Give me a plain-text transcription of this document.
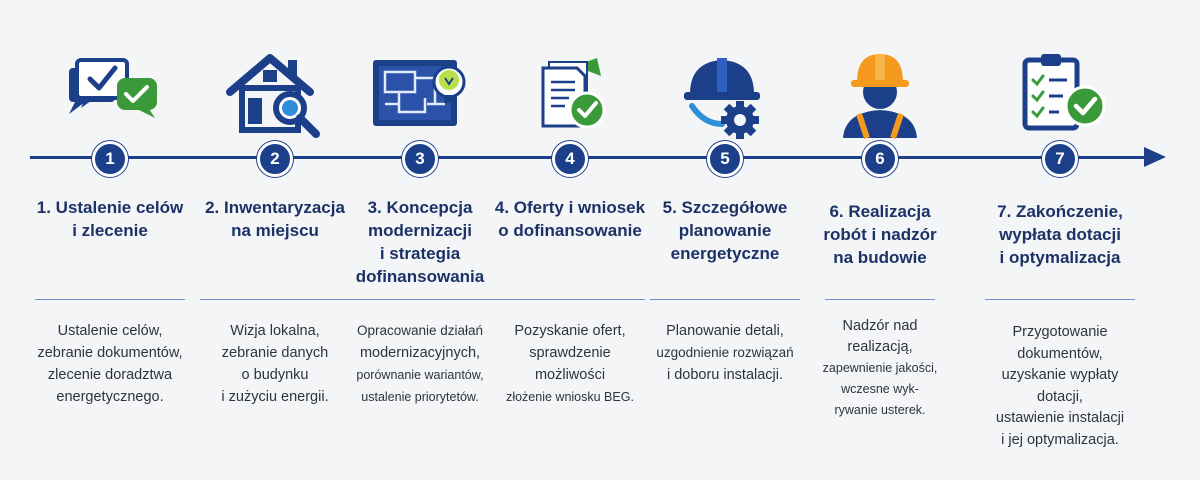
1
1. Ustalenie celów
i zlecenie
Ustalenie celów,
zebranie dokumentów,
zlecenie doradztwa
energetycznego.
2
2. Inwentaryzacja
na miejscu
Wizja lokalna,
zebranie danych
o budynku
i zużyciu energii.
3
3. Koncepcja
modernizacji
i strategia
dofinansowania
Opracowanie działań
modernizacyjnych,
porównanie wariantów,
ustalenie priorytetów.
4
4. Oferty i wniosek
o dofinansowanie
Pozyskanie ofert,
sprawdzenie
możliwości
złożenie wniosku BEG.
5
5. Szczegółowe
planowanie
energetyczne
Planowanie detali,
uzgodnienie rozwiązań
i doboru instalacji.
6
6. Realizacja
robót i nadzór
na budowie
Nadzór nad
realizacją,
zapewnienie jakości,
wczesne wyk-
rywanie usterek.
7
7. Zakończenie,
wypłata dotacji
i optymalizacja
Przygotowanie
dokumentów,
uzyskanie wypłaty
dotacji,
ustawienie instalacji
i jej optymalizacja.
